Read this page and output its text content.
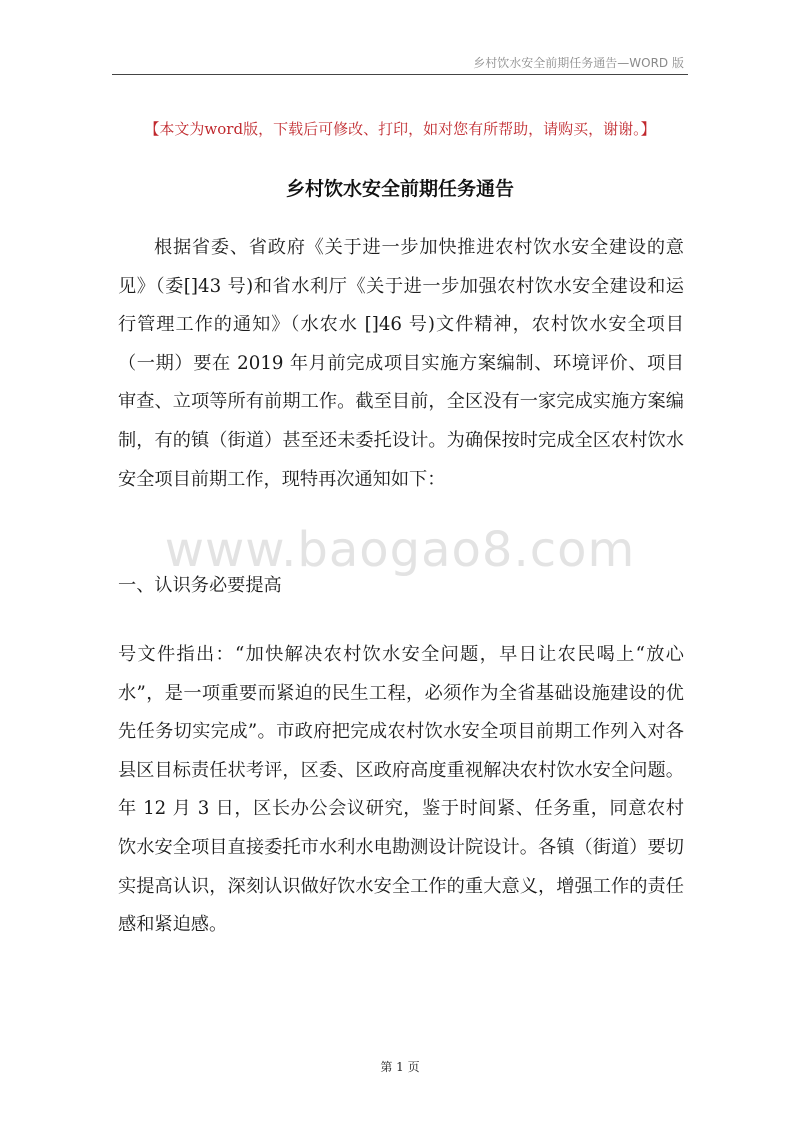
乡村饮水安全前期任务通告—WORD 版
【本文为word版，下载后可修改、打印，如对您有所帮助，请购买，谢谢。】
乡村饮水安全前期任务通告

根据省委、省政府《关于进一步加快推进农村饮水安全建设的意见》（委[]43 号)和省水利厅《关于进一步加强农村饮水安全建设和运行管理工作的通知》（水农水 []46 号)文件精神，农村饮水安全项目（一期）要在 2019 年月前完成项目实施方案编制、环境评价、项目审查、立项等所有前期工作。截至目前，全区没有一家完成实施方案编制，有的镇（街道）甚至还未委托设计。为确保按时完成全区农村饮水安全项目前期工作，现特再次通知如下：

www.baogao8.com

一、认识务必要提高

号文件指出：“加快解决农村饮水安全问题，早日让农民喝上“放心水”，是一项重要而紧迫的民生工程，必须作为全省基础设施建设的优先任务切实完成”。市政府把完成农村饮水安全项目前期工作列入对各县区目标责任状考评，区委、区政府高度重视解决农村饮水安全问题。年 12 月 3 日，区长办公会议研究，鉴于时间紧、任务重，同意农村饮水安全项目直接委托市水利水电勘测设计院设计。各镇（街道）要切实提高认识，深刻认识做好饮水安全工作的重大意义，增强工作的责任感和紧迫感。

第 1 页
